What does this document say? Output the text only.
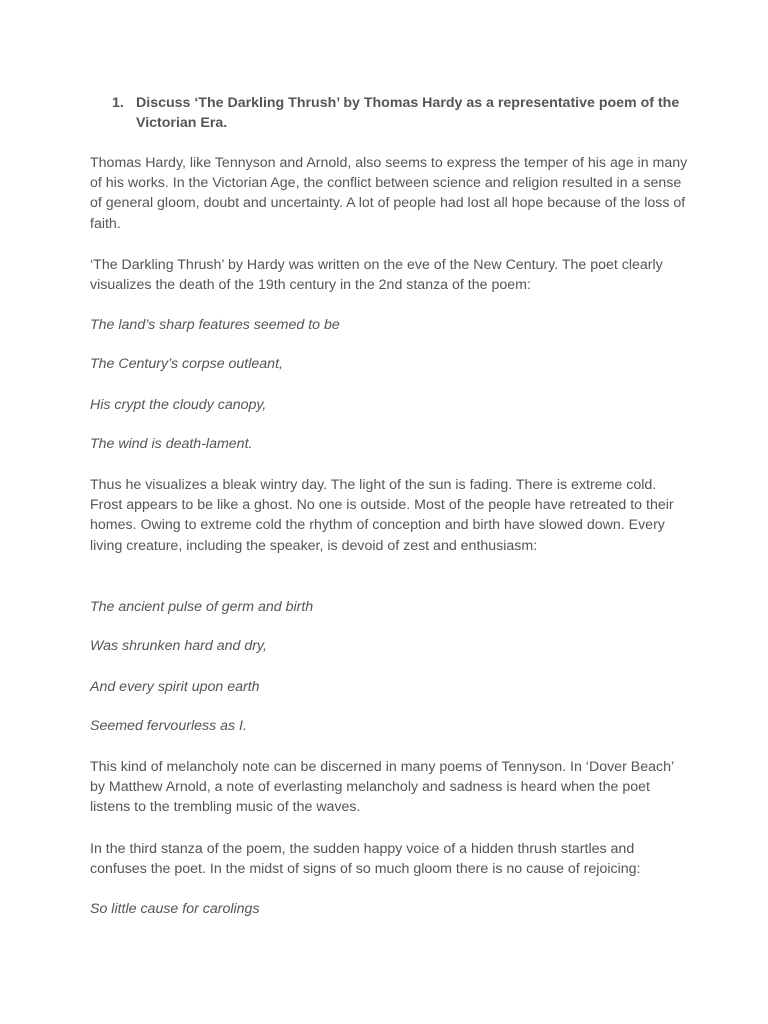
1. Discuss ‘The Darkling Thrush’ by Thomas Hardy as a representative poem of the Victorian Era.

Thomas Hardy, like Tennyson and Arnold, also seems to express the temper of his age in many of his works. In the Victorian Age, the conflict between science and religion resulted in a sense of general gloom, doubt and uncertainty. A lot of people had lost all hope because of the loss of faith.

‘The Darkling Thrush’ by Hardy was written on the eve of the New Century. The poet clearly visualizes the death of the 19th century in the 2nd stanza of the poem:

The land’s sharp features seemed to be

The Century’s corpse outleant,

His crypt the cloudy canopy,

The wind is death-lament.

Thus he visualizes a bleak wintry day. The light of the sun is fading. There is extreme cold. Frost appears to be like a ghost. No one is outside. Most of the people have retreated to their homes. Owing to extreme cold the rhythm of conception and birth have slowed down. Every living creature, including the speaker, is devoid of zest and enthusiasm:

The ancient pulse of germ and birth

Was shrunken hard and dry,

And every spirit upon earth

Seemed fervourless as I.

This kind of melancholy note can be discerned in many poems of Tennyson. In ‘Dover Beach’ by Matthew Arnold, a note of everlasting melancholy and sadness is heard when the poet listens to the trembling music of the waves.

In the third stanza of the poem, the sudden happy voice of a hidden thrush startles and confuses the poet. In the midst of signs of so much gloom there is no cause of rejoicing:

So little cause for carolings
